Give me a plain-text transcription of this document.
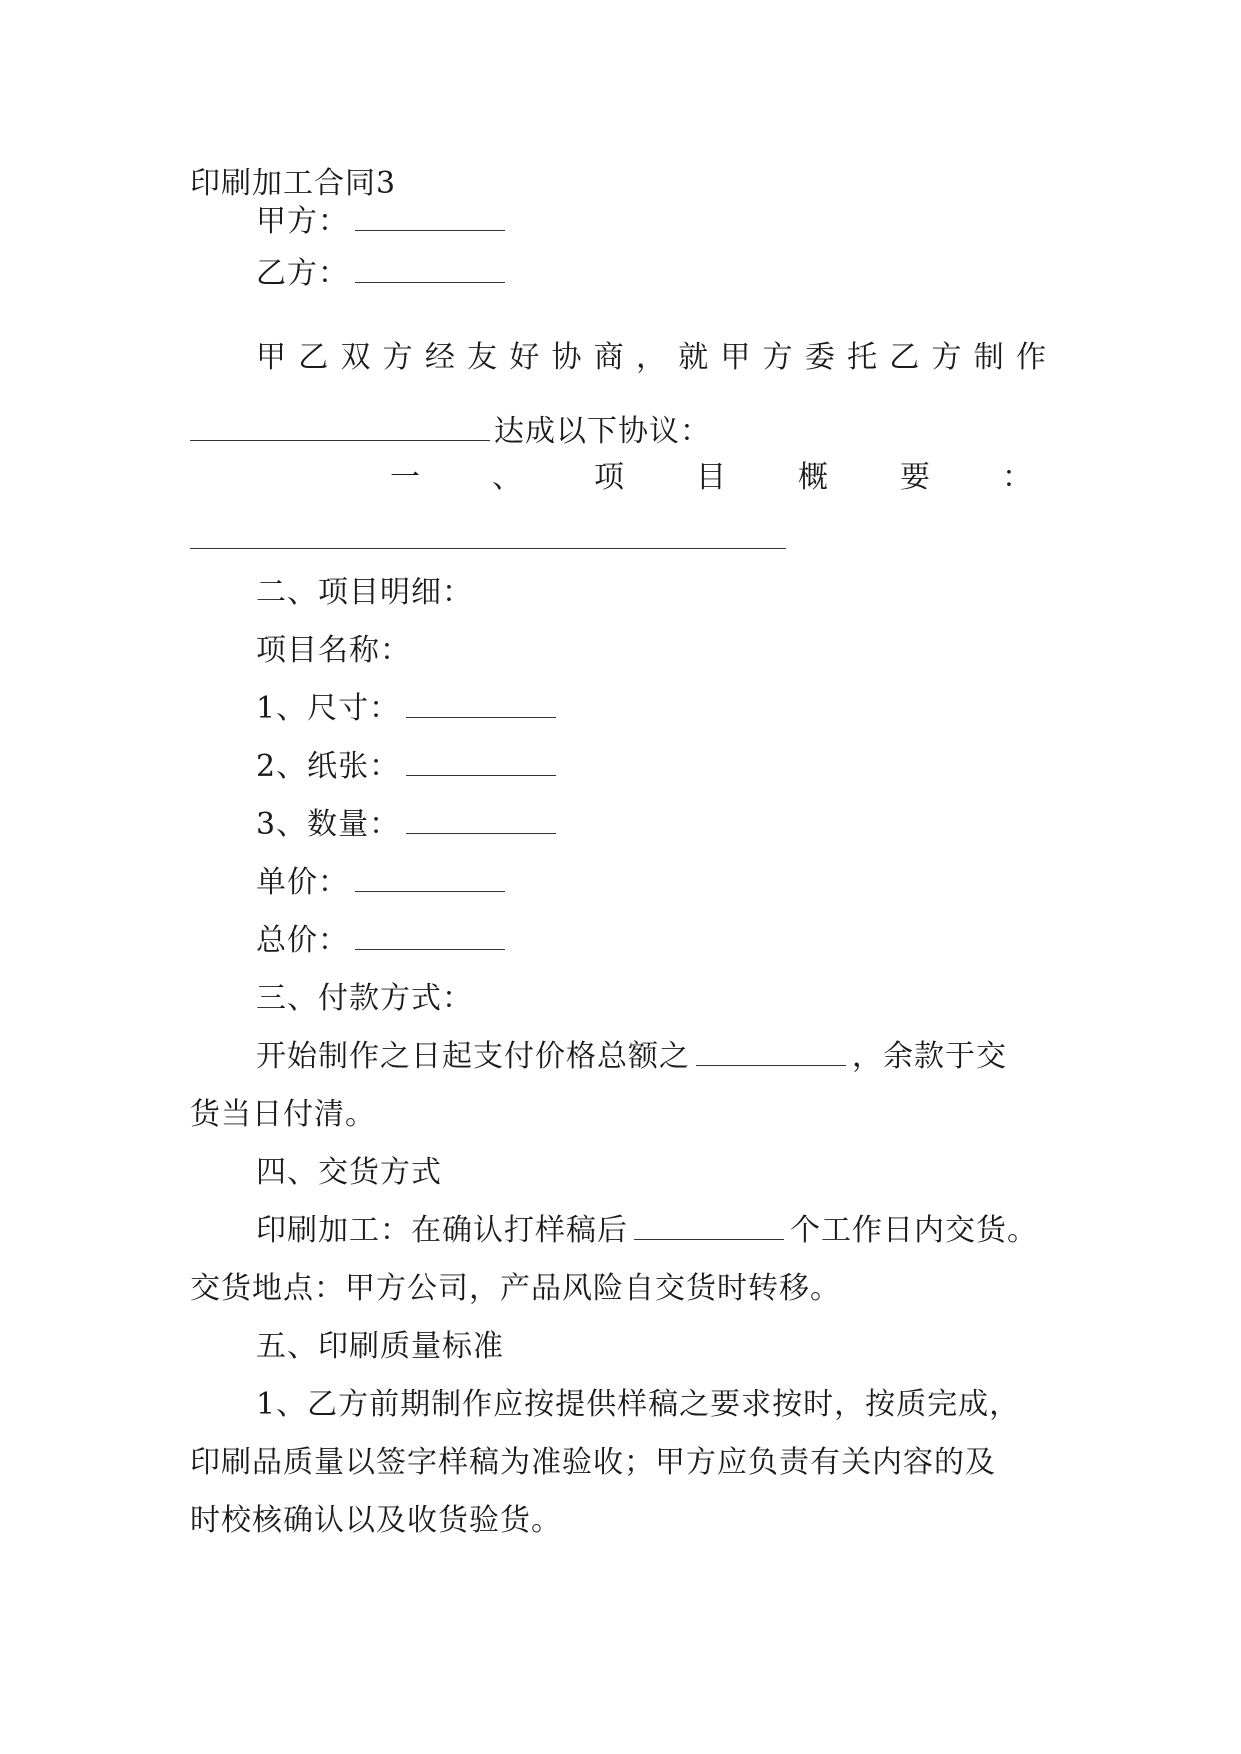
印刷加工合同3
甲方：
乙方：
甲 乙 双 方 经 友 好 协 商 ， 就 甲 方 委 托 乙 方 制 作
达成以下协议：
一 、 项 目 概 要 ：
二、项目明细：
项目名称：
1、尺寸：
2、纸张：
3、数量：
单价：
总价：
三、付款方式：
开始制作之日起支付价格总额之	，余款于交
货当日付清。
四、交货方式
印刷加工：在确认打样稿后	个工作日内交货。
交货地点：甲方公司，产品风险自交货时转移。
五、印刷质量标准
1、乙方前期制作应按提供样稿之要求按时，按质完成，
印刷品质量以签字样稿为准验收；甲方应负责有关内容的及
时校核确认以及收货验货。
